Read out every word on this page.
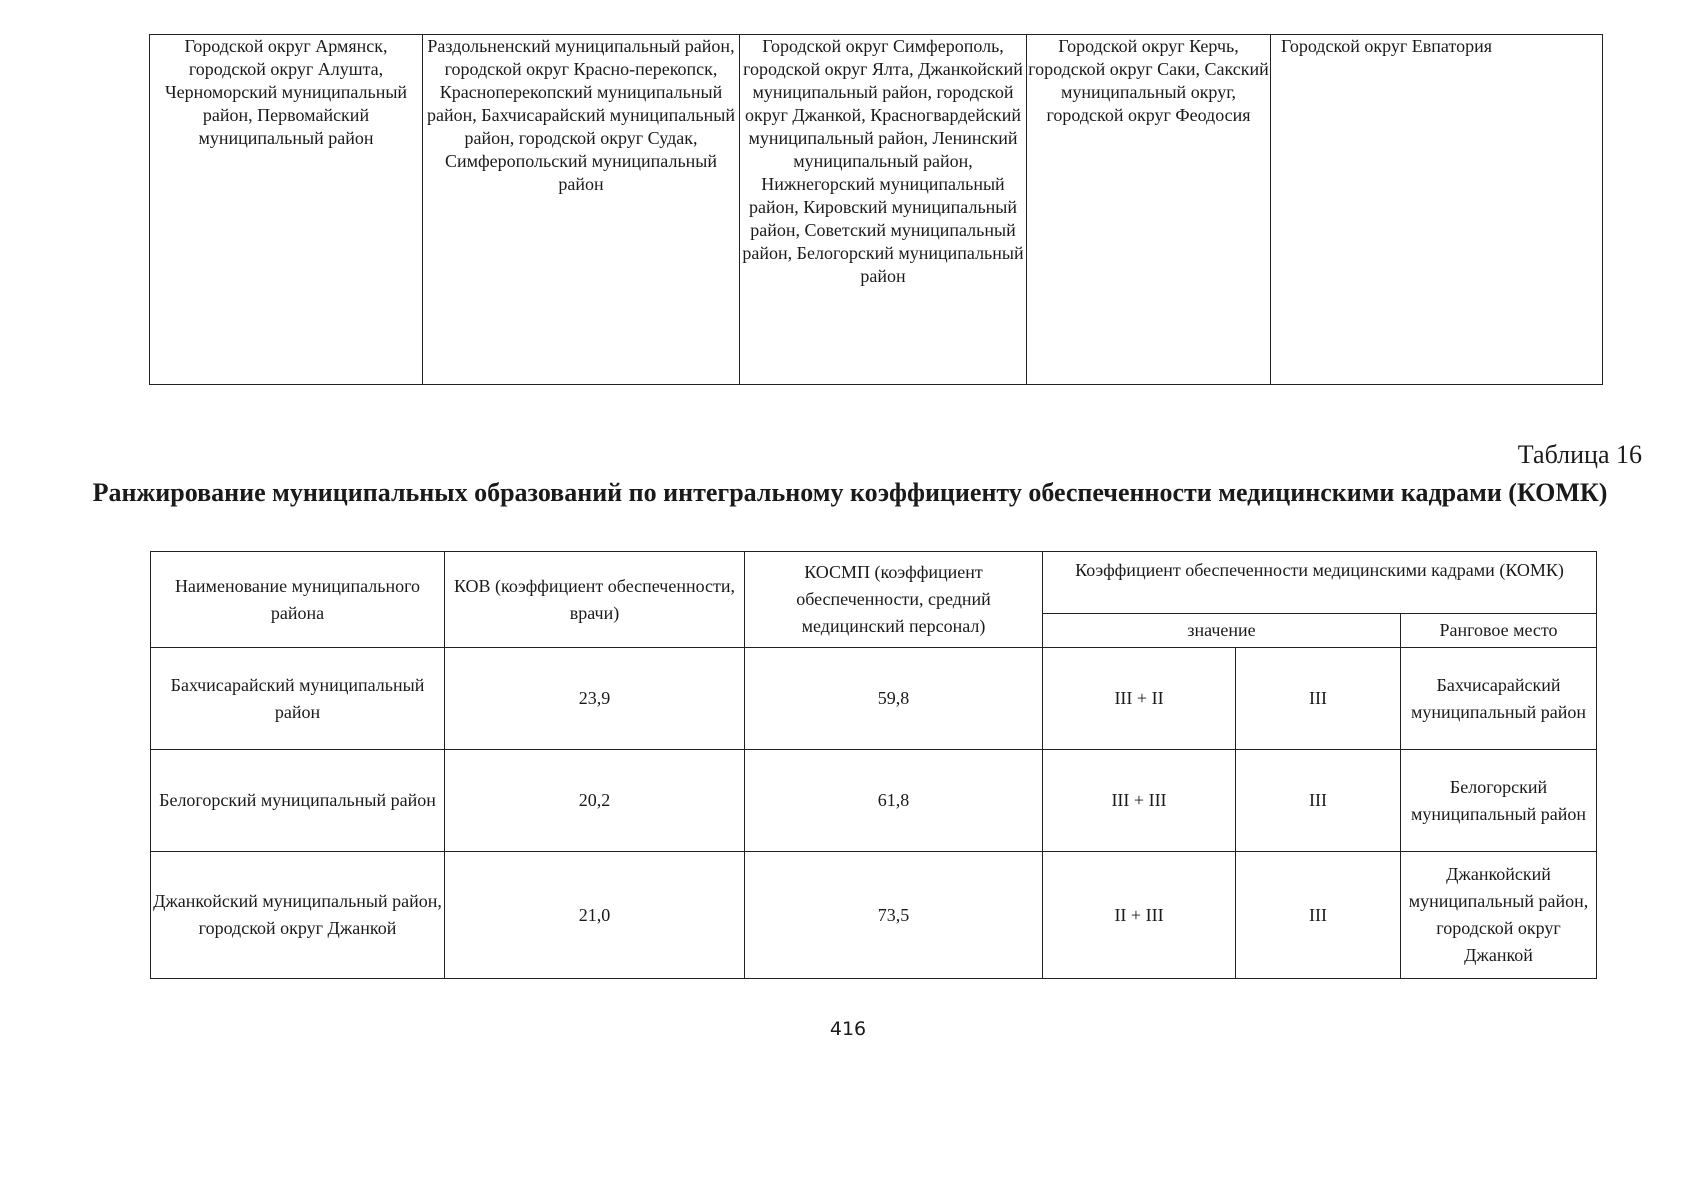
Городской округ Армянск, городской округ Алушта, Черноморский муниципальный район, Первомайский муниципальный район	Раздольненский муниципальный район, городской округ Красно-перекопск, Красноперекопский муниципальный район, Бахчисарайский муниципальный район, городской округ Судак, Симферопольский муниципальный район	Городской округ Симферополь, городской округ Ялта, Джанкойский муниципальный район, городской округ Джанкой, Красногвардейский муниципальный район, Ленинский муниципальный район, Нижнегорский муниципальный район, Кировский муниципальный район, Советский муниципальный район, Белогорский муниципальный район	Городской округ Керчь, городской округ Саки, Сакский муниципальный округ, городской округ Феодосия	Городской округ Евпатория
Таблица 16
Ранжирование муниципальных образований по интегральному коэффициенту обеспеченности медицинскими кадрами (КОМК)
Наименование муниципального района	КОВ (коэффициент обеспеченности, врачи)	КОСМП (коэффициент обеспеченности, средний медицинский персонал)	Коэффициент обеспеченности медицинскими кадрами (КОМК)		
			значение		Ранговое место
Бахчисарайский муниципальный район	23,9	59,8	III + II	III	Бахчисарайский муниципальный район
Белогорский муниципальный район	20,2	61,8	III + III	III	Белогорский муниципальный район
Джанкойский муниципальный район, городской округ Джанкой	21,0	73,5	II + III	III	Джанкойский муниципальный район, городской округ Джанкой
416
